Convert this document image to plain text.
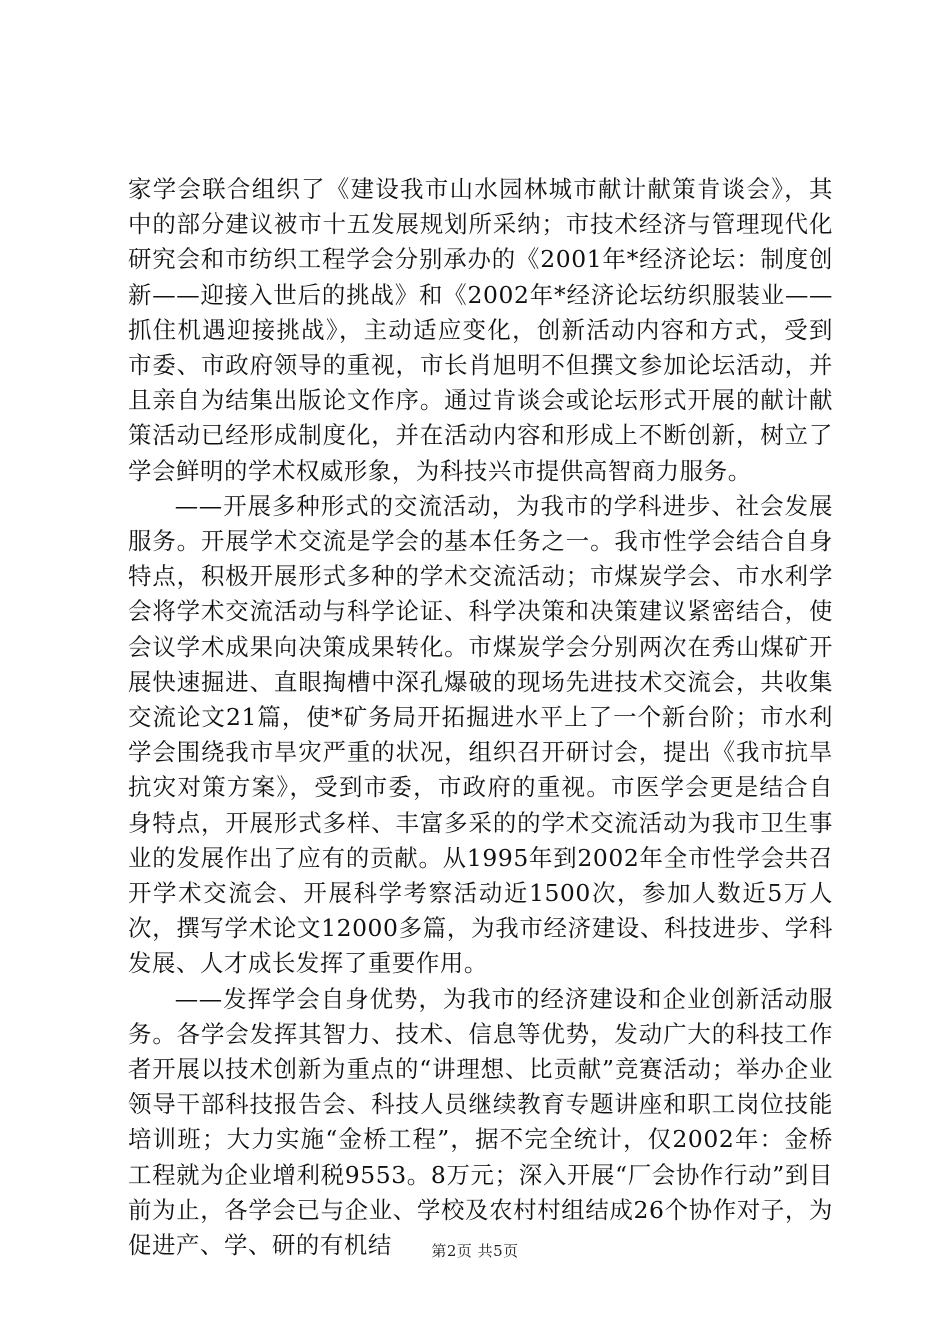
家学会联合组织了《建设我市山水园林城市献计献策肯谈会》，其中的部分建议被市十五发展规划所采纳；市技术经济与管理现代化研究会和市纺织工程学会分别承办的《2001年*经济论坛：制度创新——迎接入世后的挑战》和《2002年*经济论坛纺织服装业——抓住机遇迎接挑战》，主动适应变化，创新活动内容和方式，受到市委、市政府领导的重视，市长肖旭明不但撰文参加论坛活动，并且亲自为结集出版论文作序。通过肯谈会或论坛形式开展的献计献策活动已经形成制度化，并在活动内容和形成上不断创新，树立了学会鲜明的学术权威形象，为科技兴市提供高智商力服务。

——开展多种形式的交流活动，为我市的学科进步、社会发展服务。开展学术交流是学会的基本任务之一。我市性学会结合自身特点，积极开展形式多种的学术交流活动；市煤炭学会、市水利学会将学术交流活动与科学论证、科学决策和决策建议紧密结合，使会议学术成果向决策成果转化。市煤炭学会分别两次在秀山煤矿开展快速掘进、直眼掏槽中深孔爆破的现场先进技术交流会，共收集交流论文21篇，使*矿务局开拓掘进水平上了一个新台阶；市水利学会围绕我市旱灾严重的状况，组织召开研讨会，提出《我市抗旱抗灾对策方案》，受到市委，市政府的重视。市医学会更是结合自身特点，开展形式多样、丰富多采的的学术交流活动为我市卫生事业的发展作出了应有的贡献。从1995年到2002年全市性学会共召开学术交流会、开展科学考察活动近1500次，参加人数近5万人次，撰写学术论文12000多篇，为我市经济建设、科技进步、学科发展、人才成长发挥了重要作用。

——发挥学会自身优势，为我市的经济建设和企业创新活动服务。各学会发挥其智力、技术、信息等优势，发动广大的科技工作者开展以技术创新为重点的“讲理想、比贡献”竞赛活动；举办企业领导干部科技报告会、科技人员继续教育专题讲座和职工岗位技能培训班；大力实施“金桥工程”，据不完全统计，仅2002年：金桥工程就为企业增利税9553。8万元；深入开展“厂会协作行动”到目前为止，各学会已与企业、学校及农村村组结成26个协作对子，为促进产、学、研的有机结	第2页 共5页
